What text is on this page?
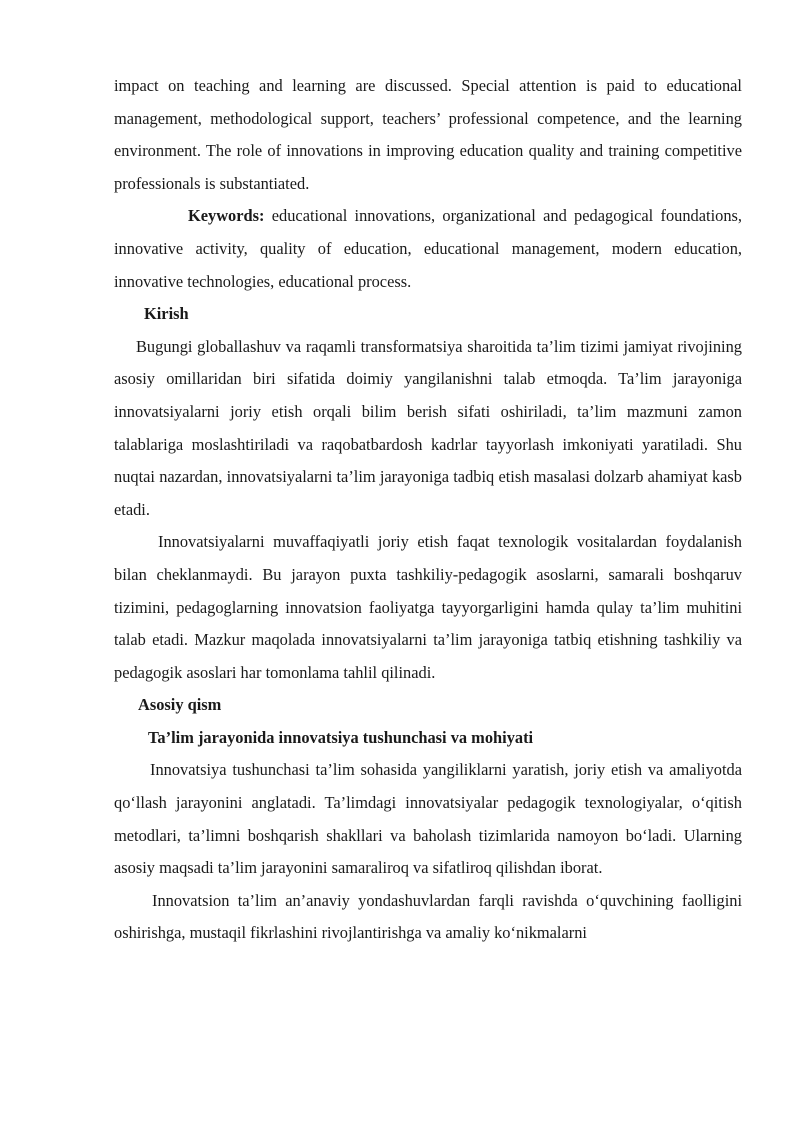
impact on teaching and learning are discussed. Special attention is paid to educational management, methodological support, teachers’ professional competence, and the learning environment. The role of innovations in improving education quality and training competitive professionals is substantiated.

Keywords: educational innovations, organizational and pedagogical foundations, innovative activity, quality of education, educational management, modern education, innovative technologies, educational process.

Kirish

Bugungi globallashuv va raqamli transformatsiya sharoitida ta’lim tizimi jamiyat rivojining asosiy omillaridan biri sifatida doimiy yangilanishni talab etmoqda. Ta’lim jarayoniga innovatsiyalarni joriy etish orqali bilim berish sifati oshiriladi, ta’lim mazmuni zamon talablariga moslashtiriladi va raqobatbardosh kadrlar tayyorlash imkoniyati yaratiladi. Shu nuqtai nazardan, innovatsiyalarni ta’lim jarayoniga tadbiq etish masalasi dolzarb ahamiyat kasb etadi.

Innovatsiyalarni muvaffaqiyatli joriy etish faqat texnologik vositalardan foydalanish bilan cheklanmaydi. Bu jarayon puxta tashkiliy-pedagogik asoslarni, samarali boshqaruv tizimini, pedagoglarning innovatsion faoliyatga tayyorgarligini hamda qulay ta’lim muhitini talab etadi. Mazkur maqolada innovatsiyalarni ta’lim jarayoniga tatbiq etishning tashkiliy va pedagogik asoslari har tomonlama tahlil qilinadi.

Asosiy qism
Ta’lim jarayonida innovatsiya tushunchasi va mohiyati

Innovatsiya tushunchasi ta’lim sohasida yangiliklarni yaratish, joriy etish va amaliyotda qo‘llash jarayonini anglatadi. Ta’limdagi innovatsiyalar pedagogik texnologiyalar, o‘qitish metodlari, ta’limni boshqarish shakllari va baholash tizimlarida namoyon bo‘ladi. Ularning asosiy maqsadi ta’lim jarayonini samaraliroq va sifatliroq qilishdan iborat.

Innovatsion ta’lim an’anaviy yondashuvlardan farqli ravishda o‘quvchining faolligini oshirishga, mustaqil fikrlashini rivojlantirishga va amaliy ko‘nikmalarni
